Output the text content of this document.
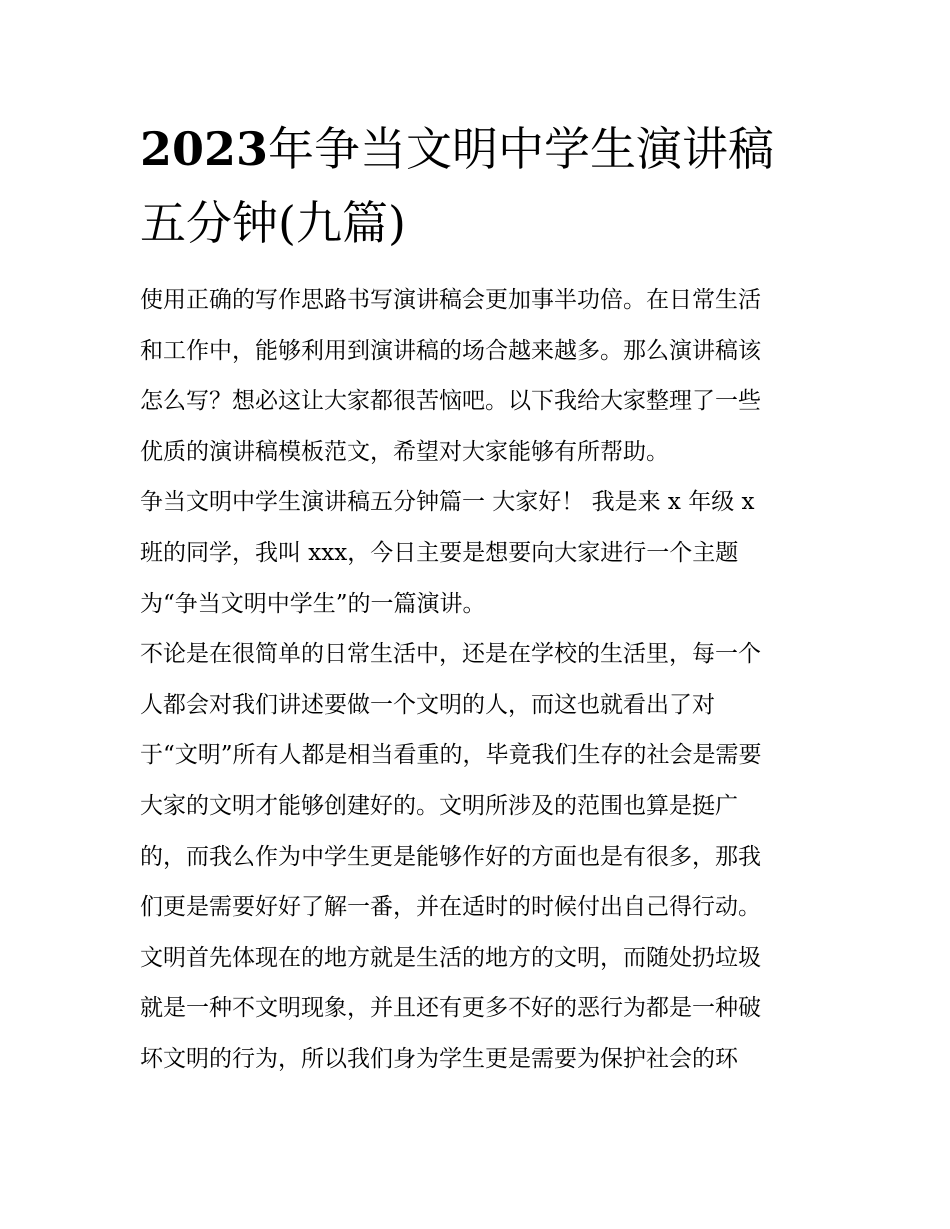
2023年争当文明中学生演讲稿
五分钟(九篇)
使用正确的写作思路书写演讲稿会更加事半功倍。在日常生活
和工作中，能够利用到演讲稿的场合越来越多。那么演讲稿该
怎么写？想必这让大家都很苦恼吧。以下我给大家整理了一些
优质的演讲稿模板范文，希望对大家能够有所帮助。
争当文明中学生演讲稿五分钟篇一 大家好！ 我是来 x 年级 x
班的同学，我叫 xxx，今日主要是想要向大家进行一个主题
为“争当文明中学生”的一篇演讲。
不论是在很简单的日常生活中，还是在学校的生活里，每一个
人都会对我们讲述要做一个文明的人，而这也就看出了对
于“文明”所有人都是相当看重的，毕竟我们生存的社会是需要
大家的文明才能够创建好的。文明所涉及的范围也算是挺广
的，而我么作为中学生更是能够作好的方面也是有很多，那我
们更是需要好好了解一番，并在适时的时候付出自己得行动。
文明首先体现在的地方就是生活的地方的文明，而随处扔垃圾
就是一种不文明现象，并且还有更多不好的恶行为都是一种破
坏文明的行为，所以我们身为学生更是需要为保护社会的环
